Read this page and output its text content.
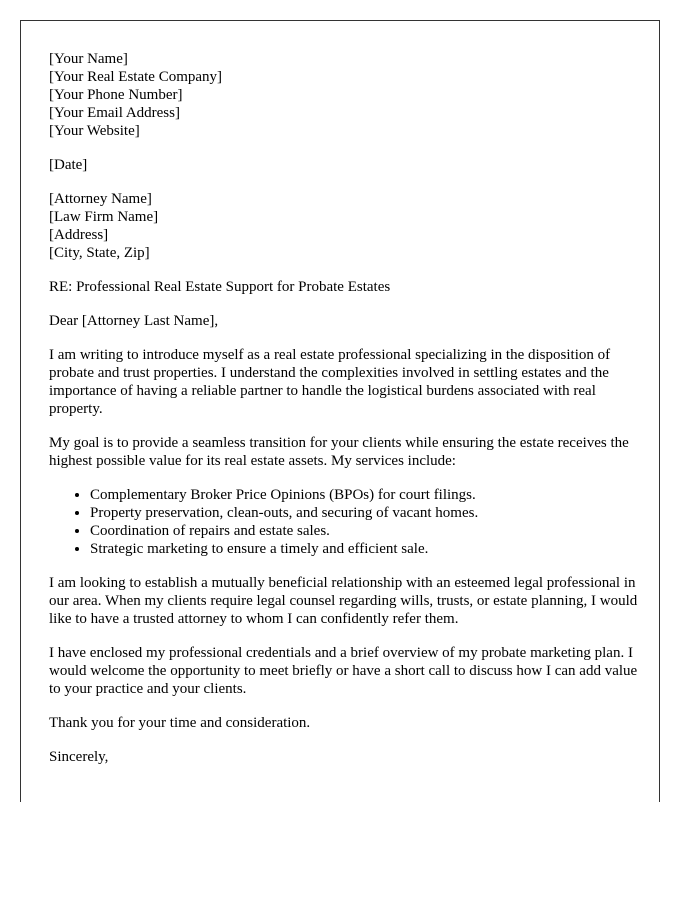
[Your Name]

[Your Real Estate Company]

[Your Phone Number]

[Your Email Address]

[Your Website]

[Date]

[Attorney Name]

[Law Firm Name]

[Address]

[City, State, Zip]

RE: Professional Real Estate Support for Probate Estates

Dear [Attorney Last Name],

I am writing to introduce myself as a real estate professional specializing in the disposition of probate and trust properties. I understand the complexities involved in settling estates and the importance of having a reliable partner to handle the logistical burdens associated with real property.

My goal is to provide a seamless transition for your clients while ensuring the estate receives the highest possible value for its real estate assets. My services include:

• Complementary Broker Price Opinions (BPOs) for court filings.
• Property preservation, clean-outs, and securing of vacant homes.
• Coordination of repairs and estate sales.
• Strategic marketing to ensure a timely and efficient sale.

I am looking to establish a mutually beneficial relationship with an esteemed legal professional in our area. When my clients require legal counsel regarding wills, trusts, or estate planning, I would like to have a trusted attorney to whom I can confidently refer them.

I have enclosed my professional credentials and a brief overview of my probate marketing plan. I would welcome the opportunity to meet briefly or have a short call to discuss how I can add value to your practice and your clients.

Thank you for your time and consideration.

Sincerely,
